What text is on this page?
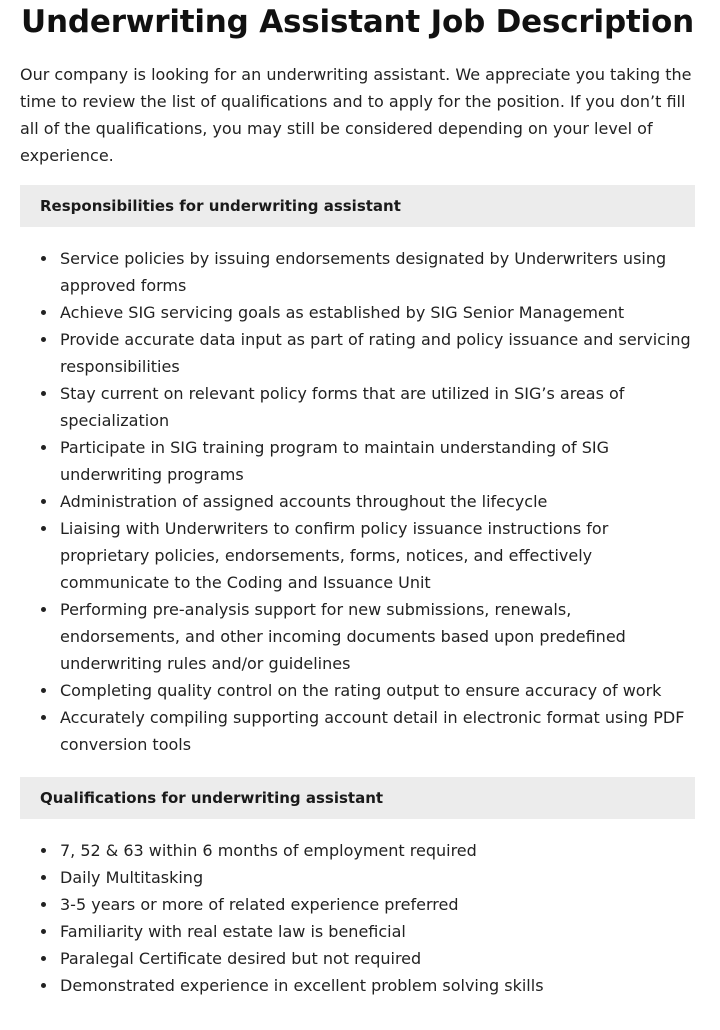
Underwriting Assistant Job Description

Our company is looking for an underwriting assistant. We appreciate you taking the time to review the list of qualifications and to apply for the position. If you don’t fill all of the qualifications, you may still be considered depending on your level of experience.

Responsibilities for underwriting assistant
Service policies by issuing endorsements designated by Underwriters using approved forms
Achieve SIG servicing goals as established by SIG Senior Management
Provide accurate data input as part of rating and policy issuance and servicing responsibilities
Stay current on relevant policy forms that are utilized in SIG’s areas of specialization
Participate in SIG training program to maintain understanding of SIG underwriting programs
Administration of assigned accounts throughout the lifecycle
Liaising with Underwriters to confirm policy issuance instructions for proprietary policies, endorsements, forms, notices, and effectively communicate to the Coding and Issuance Unit
Performing pre-analysis support for new submissions, renewals, endorsements, and other incoming documents based upon predefined underwriting rules and/or guidelines
Completing quality control on the rating output to ensure accuracy of work
Accurately compiling supporting account detail in electronic format using PDF conversion tools
Qualifications for underwriting assistant
7, 52 & 63 within 6 months of employment required
Daily Multitasking
3-5 years or more of related experience preferred
Familiarity with real estate law is beneficial
Paralegal Certificate desired but not required
Demonstrated experience in excellent problem solving skills
